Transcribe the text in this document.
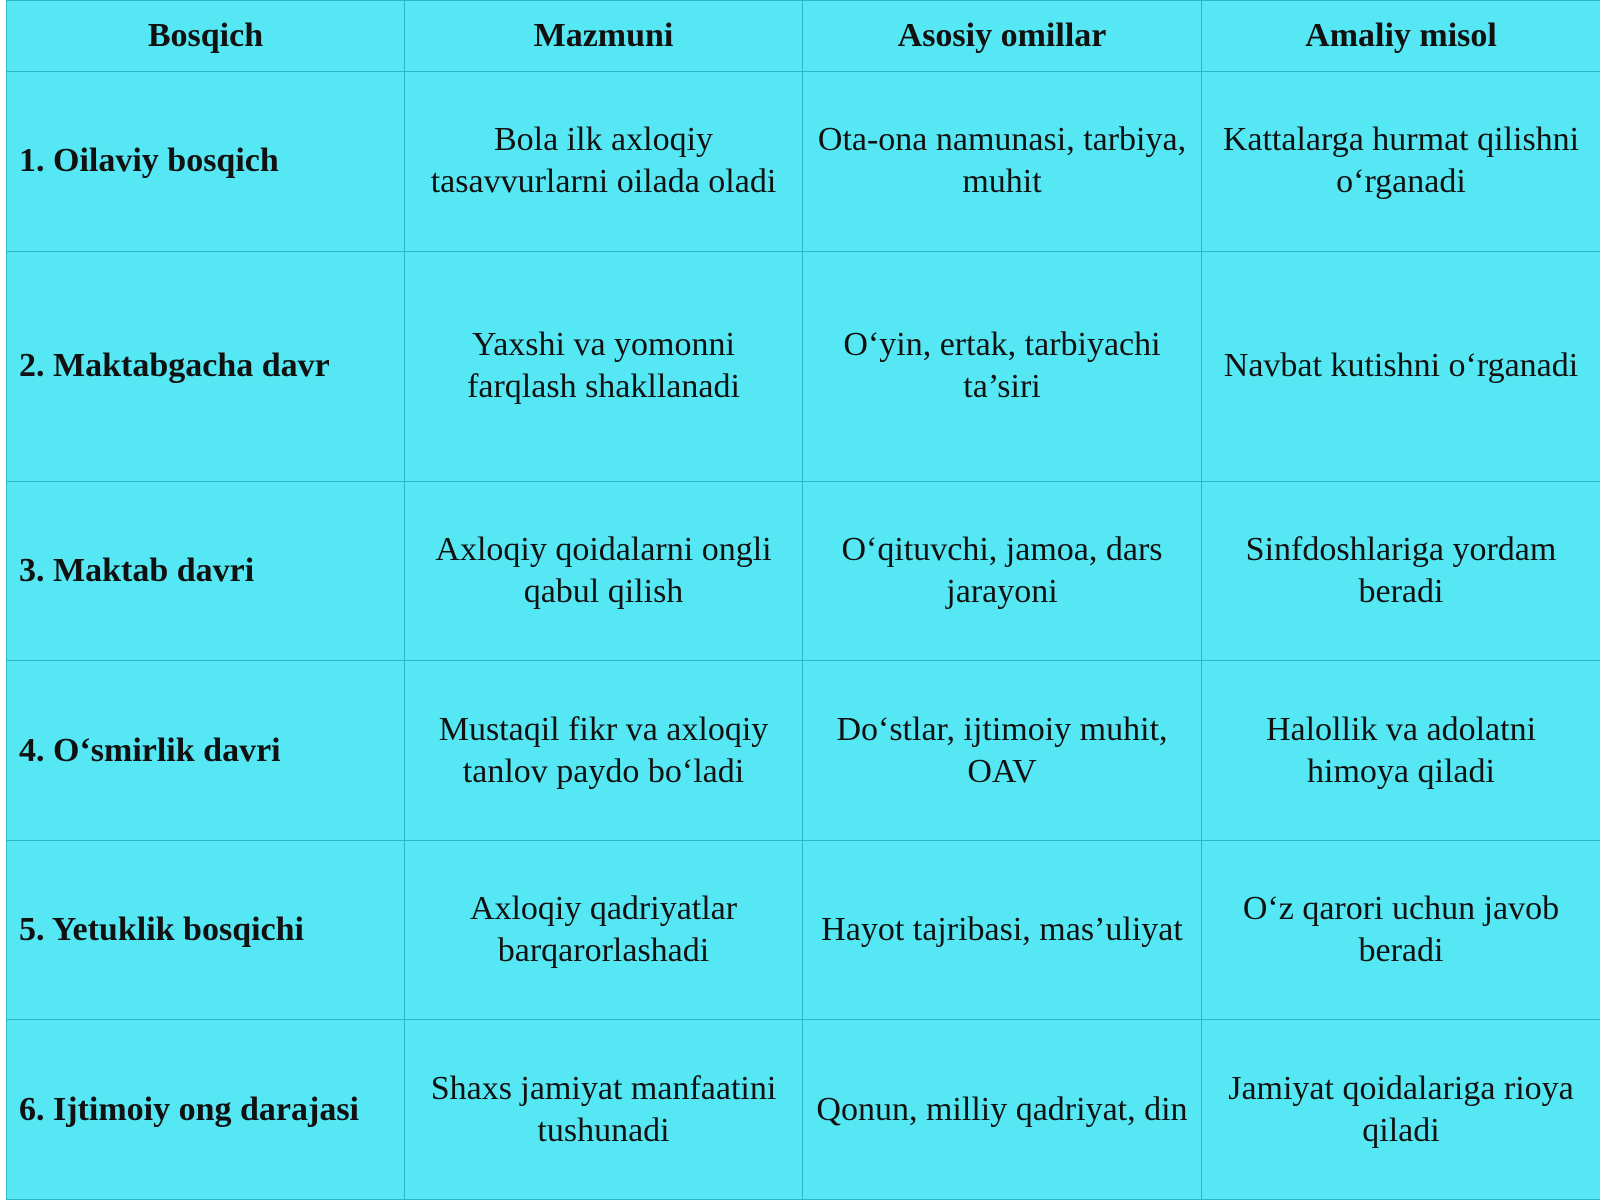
Bosqich	Mazmuni	Asosiy omillar	Amaliy misol
1. Oilaviy bosqich	Bola ilk axloqiy tasavvurlarni oilada oladi	Ota-ona namunasi, tarbiya, muhit	Kattalarga hurmat qilishni o‘rganadi
2. Maktabgacha davr	Yaxshi va yomonni farqlash shakllanadi	O‘yin, ertak, tarbiyachi ta’siri	Navbat kutishni o‘rganadi
3. Maktab davri	Axloqiy qoidalarni ongli qabul qilish	O‘qituvchi, jamoa, dars jarayoni	Sinfdoshlariga yordam beradi
4. O‘smirlik davri	Mustaqil fikr va axloqiy tanlov paydo bo‘ladi	Do‘stlar, ijtimoiy muhit, OAV	Halollik va adolatni himoya qiladi
5. Yetuklik bosqichi	Axloqiy qadriyatlar barqarorlashadi	Hayot tajribasi, mas’uliyat	O‘z qarori uchun javob beradi
6. Ijtimoiy ong darajasi	Shaxs jamiyat manfaatini tushunadi	Qonun, milliy qadriyat, din	Jamiyat qoidalariga rioya qiladi
